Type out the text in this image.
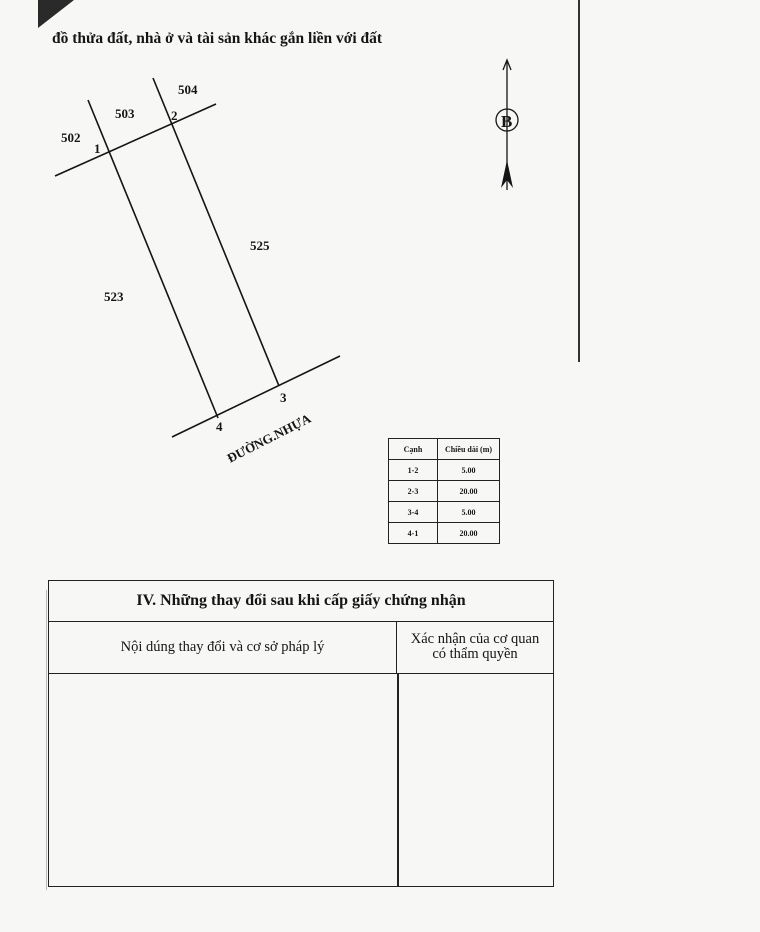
đồ thửa đất, nhà ở và tài sản khác gắn liền với đất
502
503
504
525
523
1
2
3
4 ĐƯỜNG.NHỰA
B
Cạnh	Chiều dài (m)
1-2	5.00
2-3	20.00
3-4	5.00
4-1	20.00
IV. Những thay đổi sau khi cấp giấy chứng nhận
Nội dúng thay đổi và cơ sở pháp lý	Xác nhận của cơ quan
có thẩm quyền
